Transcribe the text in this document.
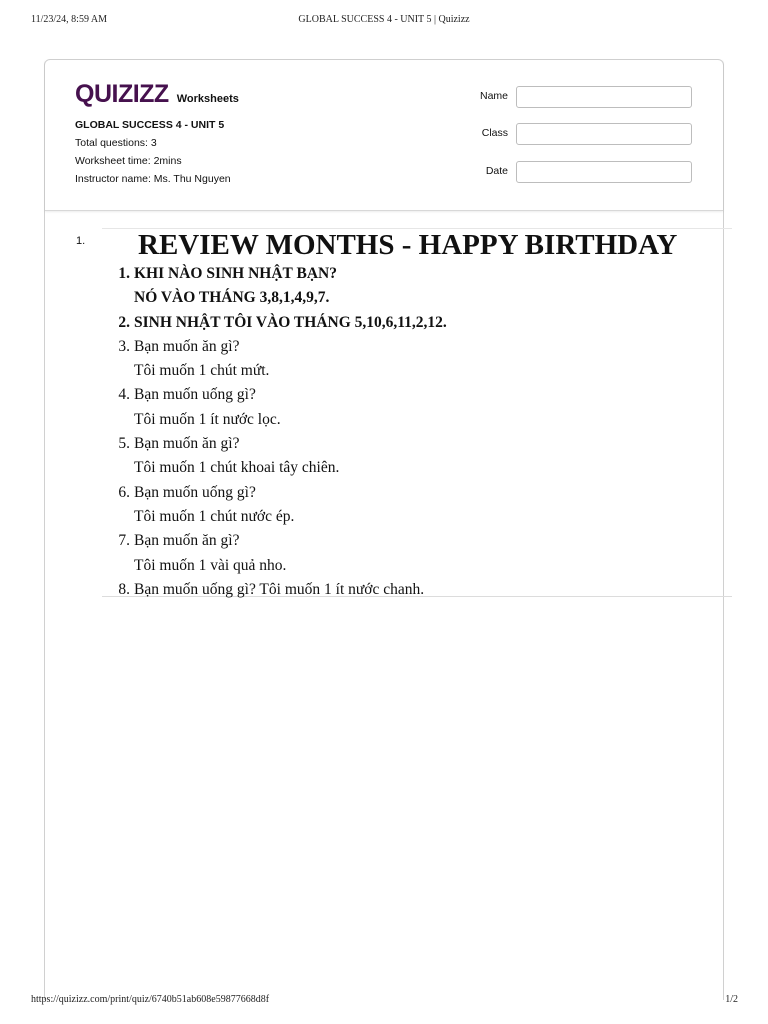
11/23/24, 8:59 AM	GLOBAL SUCCESS 4 - UNIT 5 | Quizizz
QUIZIZZ Worksheets
GLOBAL SUCCESS 4 - UNIT 5
Total questions: 3
Worksheet time: 2mins
Instructor name: Ms. Thu Nguyen
Name
Class
Date
1. REVIEW MONTHS - HAPPY BIRTHDAY
1. KHI NÀO SINH NHẬT BẠN?
NÓ VÀO THÁNG 3,8,1,4,9,7.
2. SINH NHẬT TÔI VÀO THÁNG 5,10,6,11,2,12.
3. Bạn muốn ăn gì?
Tôi muốn 1 chút mứt.
4. Bạn muốn uống gì?
Tôi muốn 1 ít nước lọc.
5. Bạn muốn ăn gì?
Tôi muốn 1 chút khoai tây chiên.
6. Bạn muốn uống gì?
Tôi muốn 1 chút nước ép.
7. Bạn muốn ăn gì?
Tôi muốn 1 vài quả nho.
8. Bạn muốn uống gì? Tôi muốn 1 ít nước chanh.
https://quizizz.com/print/quiz/6740b51ab608e59877668d8f	1/2
